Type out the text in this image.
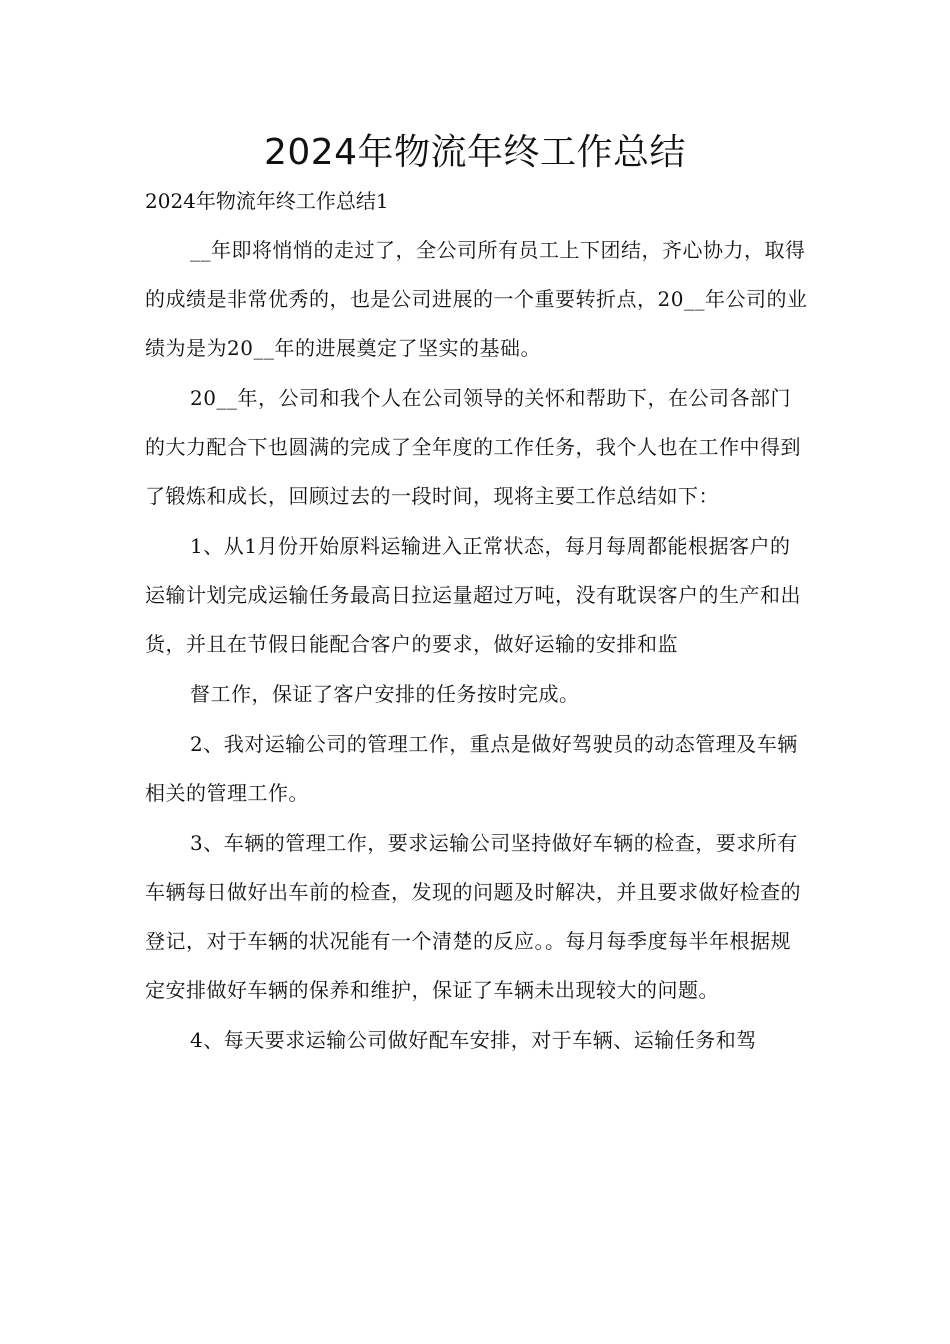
2024年物流年终工作总结

2024年物流年终工作总结1

__年即将悄悄的走过了，全公司所有员工上下团结，齐心协力，取得的成绩是非常优秀的，也是公司进展的一个重要转折点，20__年公司的业绩为是为20__年的进展奠定了坚实的基础。

20__年，公司和我个人在公司领导的关怀和帮助下，在公司各部门的大力配合下也圆满的完成了全年度的工作任务，我个人也在工作中得到了锻炼和成长，回顾过去的一段时间，现将主要工作总结如下：

1、从1月份开始原料运输进入正常状态，每月每周都能根据客户的运输计划完成运输任务最高日拉运量超过万吨，没有耽误客户的生产和出货，并且在节假日能配合客户的要求，做好运输的安排和监

督工作，保证了客户安排的任务按时完成。

2、我对运输公司的管理工作，重点是做好驾驶员的动态管理及车辆相关的管理工作。

3、车辆的管理工作，要求运输公司坚持做好车辆的检查，要求所有车辆每日做好出车前的检查，发现的问题及时解决，并且要求做好检查的登记，对于车辆的状况能有一个清楚的反应。。每月每季度每半年根据规定安排做好车辆的保养和维护，保证了车辆未出现较大的问题。

4、每天要求运输公司做好配车安排，对于车辆、运输任务和驾
